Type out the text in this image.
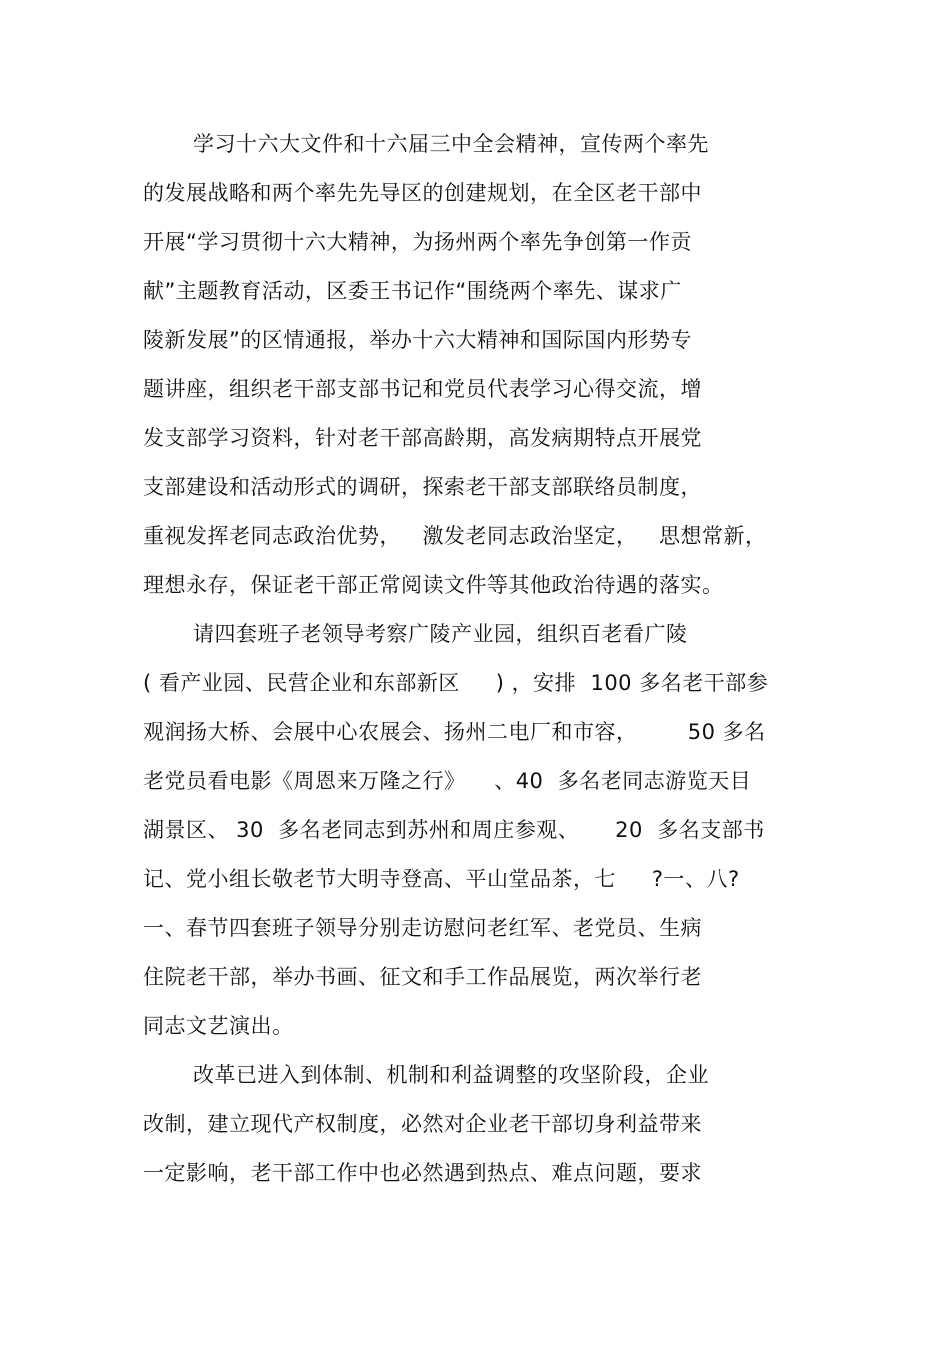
学习十六大文件和十六届三中全会精神，宣传两个率先
的发展战略和两个率先先导区的创建规划，在全区老干部中
开展“学习贯彻十六大精神，为扬州两个率先争创第一作贡
献”主题教育活动，区委王书记作“围绕两个率先、谋求广
陵新发展”的区情通报，举办十六大精神和国际国内形势专
题讲座，组织老干部支部书记和党员代表学习心得交流，增
发支部学习资料，针对老干部高龄期，高发病期特点开展党
支部建设和活动形式的调研，探索老干部支部联络员制度，
重视发挥老同志政治优势，   激发老同志政治坚定，   思想常新，
理想永存，保证老干部正常阅读文件等其他政治待遇的落实。
请四套班子老领导考察广陵产业园，组织百老看广陵
( 看产业园、民营企业和东部新区     ) ，安排  100 多名老干部参
观润扬大桥、会展中心农展会、扬州二电厂和市容，       50 多名
老党员看电影《周恩来万隆之行》    、40  多名老同志游览天目
湖景区、 30  多名老同志到苏州和周庄参观、     20  多名支部书
记、党小组长敬老节大明寺登高、平山堂品茶，七     ?一、八?
一、春节四套班子领导分别走访慰问老红军、老党员、生病
住院老干部，举办书画、征文和手工作品展览，两次举行老
同志文艺演出。
改革已进入到体制、机制和利益调整的攻坚阶段，企业
改制，建立现代产权制度，必然对企业老干部切身利益带来
一定影响，老干部工作中也必然遇到热点、难点问题，要求
